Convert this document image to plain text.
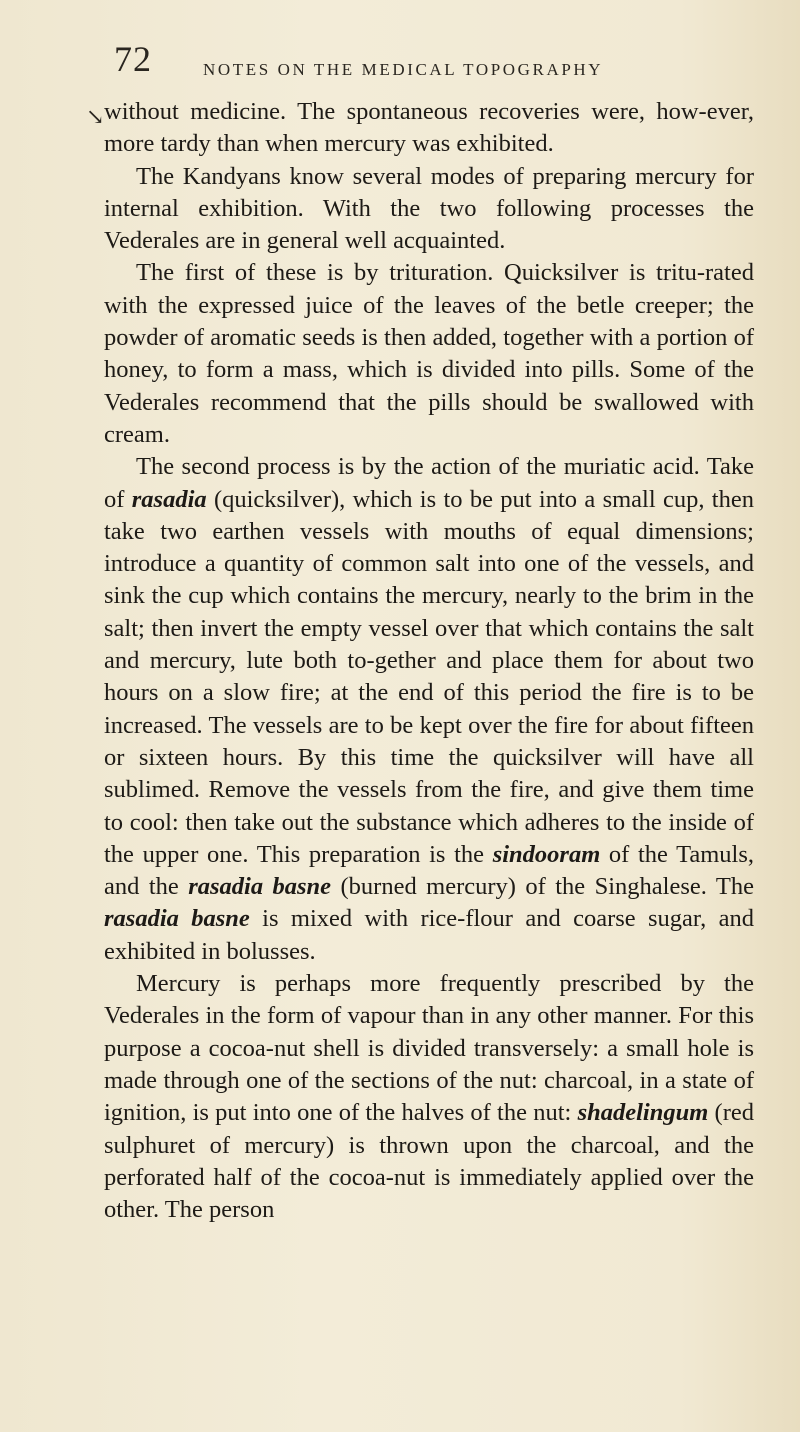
72	NOTES ON THE MEDICAL TOPOGRAPHY
↘ without medicine. The spontaneous recoveries were, how-ever, more tardy than when mercury was exhibited.

The Kandyans know several modes of preparing mercury for internal exhibition. With the two following processes the Vederales are in general well acquainted.

The first of these is by trituration. Quicksilver is tritu-rated with the expressed juice of the leaves of the betle creeper; the powder of aromatic seeds is then added, together with a portion of honey, to form a mass, which is divided into pills. Some of the Vederales recommend that the pills should be swallowed with cream.

The second process is by the action of the muriatic acid. Take of rasadia (quicksilver), which is to be put into a small cup, then take two earthen vessels with mouths of equal dimensions; introduce a quantity of common salt into one of the vessels, and sink the cup which contains the mercury, nearly to the brim in the salt; then invert the empty vessel over that which contains the salt and mercury, lute both to-gether and place them for about two hours on a slow fire; at the end of this period the fire is to be increased. The vessels are to be kept over the fire for about fifteen or sixteen hours. By this time the quicksilver will have all sublimed. Remove the vessels from the fire, and give them time to cool: then take out the substance which adheres to the inside of the upper one. This preparation is the sindooram of the Tamuls, and the rasadia basne (burned mercury) of the Singhalese. The rasadia basne is mixed with rice-flour and coarse sugar, and exhibited in bolusses.

Mercury is perhaps more frequently prescribed by the Vederales in the form of vapour than in any other manner. For this purpose a cocoa-nut shell is divided transversely: a small hole is made through one of the sections of the nut: charcoal, in a state of ignition, is put into one of the halves of the nut: shadelingum (red sulphuret of mercury) is thrown upon the charcoal, and the perforated half of the cocoa-nut is immediately applied over the other. The person
